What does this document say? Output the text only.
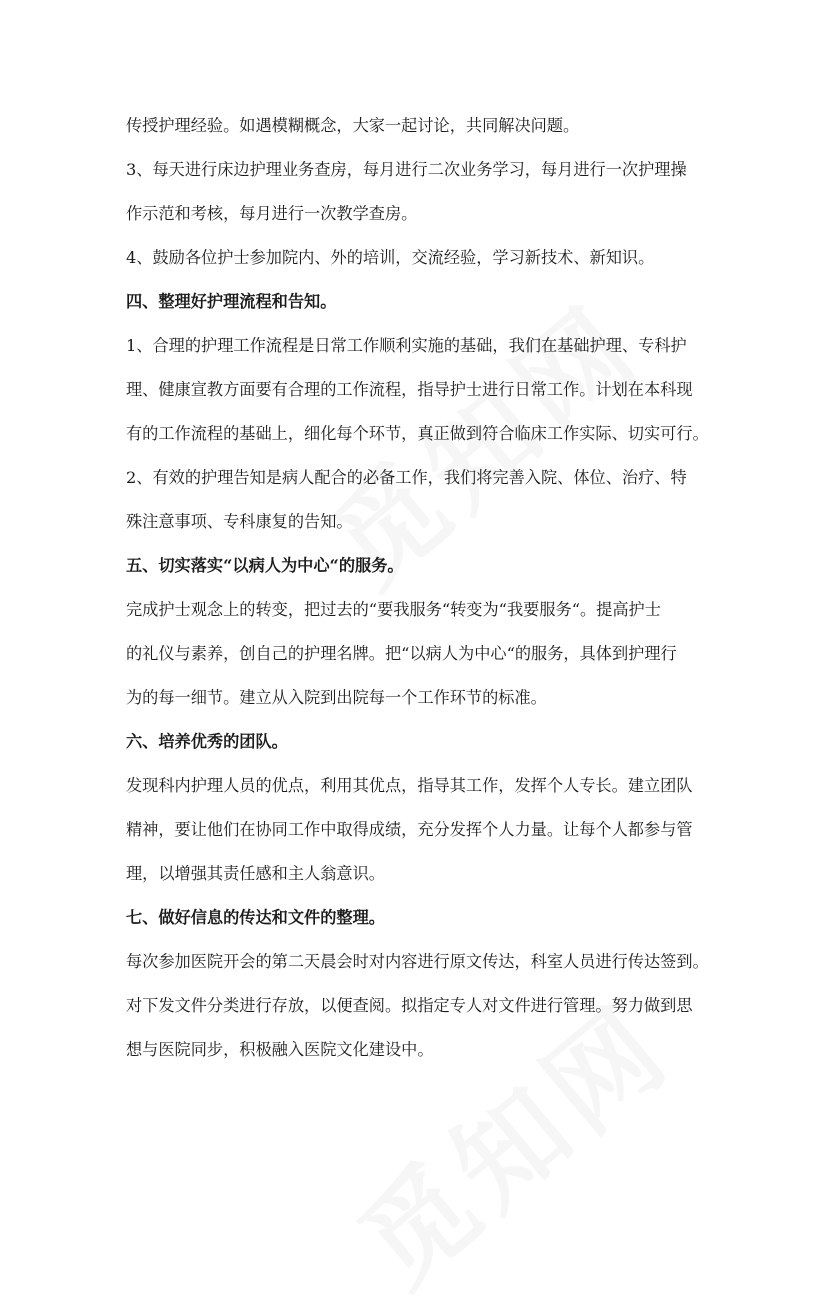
传授护理经验。如遇模糊概念，大家一起讨论，共同解决问题。
3、每天进行床边护理业务查房，每月进行二次业务学习，每月进行一次护理操
作示范和考核，每月进行一次教学查房。
4、鼓励各位护士参加院内、外的培训，交流经验，学习新技术、新知识。
四、整理好护理流程和告知。
1、合理的护理工作流程是日常工作顺利实施的基础，我们在基础护理、专科护
理、健康宣教方面要有合理的工作流程，指导护士进行日常工作。计划在本科现
有的工作流程的基础上，细化每个环节，真正做到符合临床工作实际、切实可行。
2、有效的护理告知是病人配合的必备工作，我们将完善入院、体位、治疗、特
殊注意事项、专科康复的告知。
五、切实落实“以病人为中心“的服务。
完成护士观念上的转变，把过去的“要我服务“转变为“我要服务“。提高护士
的礼仪与素养，创自己的护理名牌。把“以病人为中心“的服务，具体到护理行
为的每一细节。建立从入院到出院每一个工作环节的标准。
六、培养优秀的团队。
发现科内护理人员的优点，利用其优点，指导其工作，发挥个人专长。建立团队
精神，要让他们在协同工作中取得成绩，充分发挥个人力量。让每个人都参与管
理，以增强其责任感和主人翁意识。
七、做好信息的传达和文件的整理。
每次参加医院开会的第二天晨会时对内容进行原文传达，科室人员进行传达签到。
对下发文件分类进行存放，以便查阅。拟指定专人对文件进行管理。努力做到思
想与医院同步，积极融入医院文化建设中。
